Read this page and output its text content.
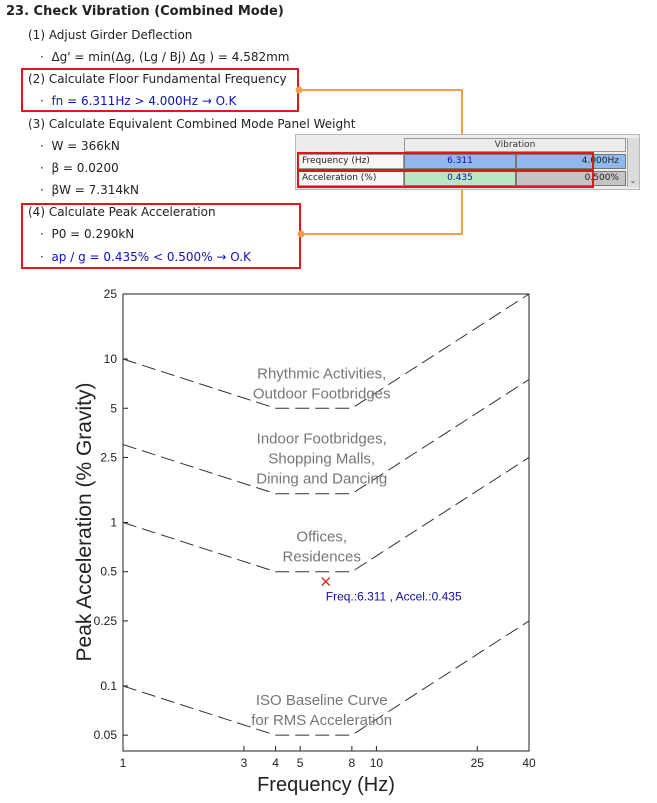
23. Check Vibration (Combined Mode)
(1) Adjust Girder Deflection
·  Δg' = min(Δg, (Lg / Bj) Δg ) = 4.582mm
(2) Calculate Floor Fundamental Frequency
·  fn = 6.311Hz > 4.000Hz → O.K
(3) Calculate Equivalent Combined Mode Panel Weight
·  W = 366kN
·  β = 0.0200
·  βW = 7.314kN
(4) Calculate Peak Acceleration
·  P0 = 0.290kN
·  ap / g = 0.435% < 0.500% → O.K
Vibration
Frequency (Hz)	6.311	4.000Hz
Acceleration (%)	0.435	0.500%	⌄
1	3 4 5	8 10	25	40
0.05
0.1
0.25
0.5
1
2.5
5
10
25
Rhythmic Activities,
Outdoor Footbridges
Indoor Footbridges,
Shopping Malls,
Dining and Dancing
Offices,
Residences
ISO Baseline Curve
for RMS Acceleration
Freq.:6.311 , Accel.:0.435
Frequency (Hz)
Peak Acceleration (% Gravity)
